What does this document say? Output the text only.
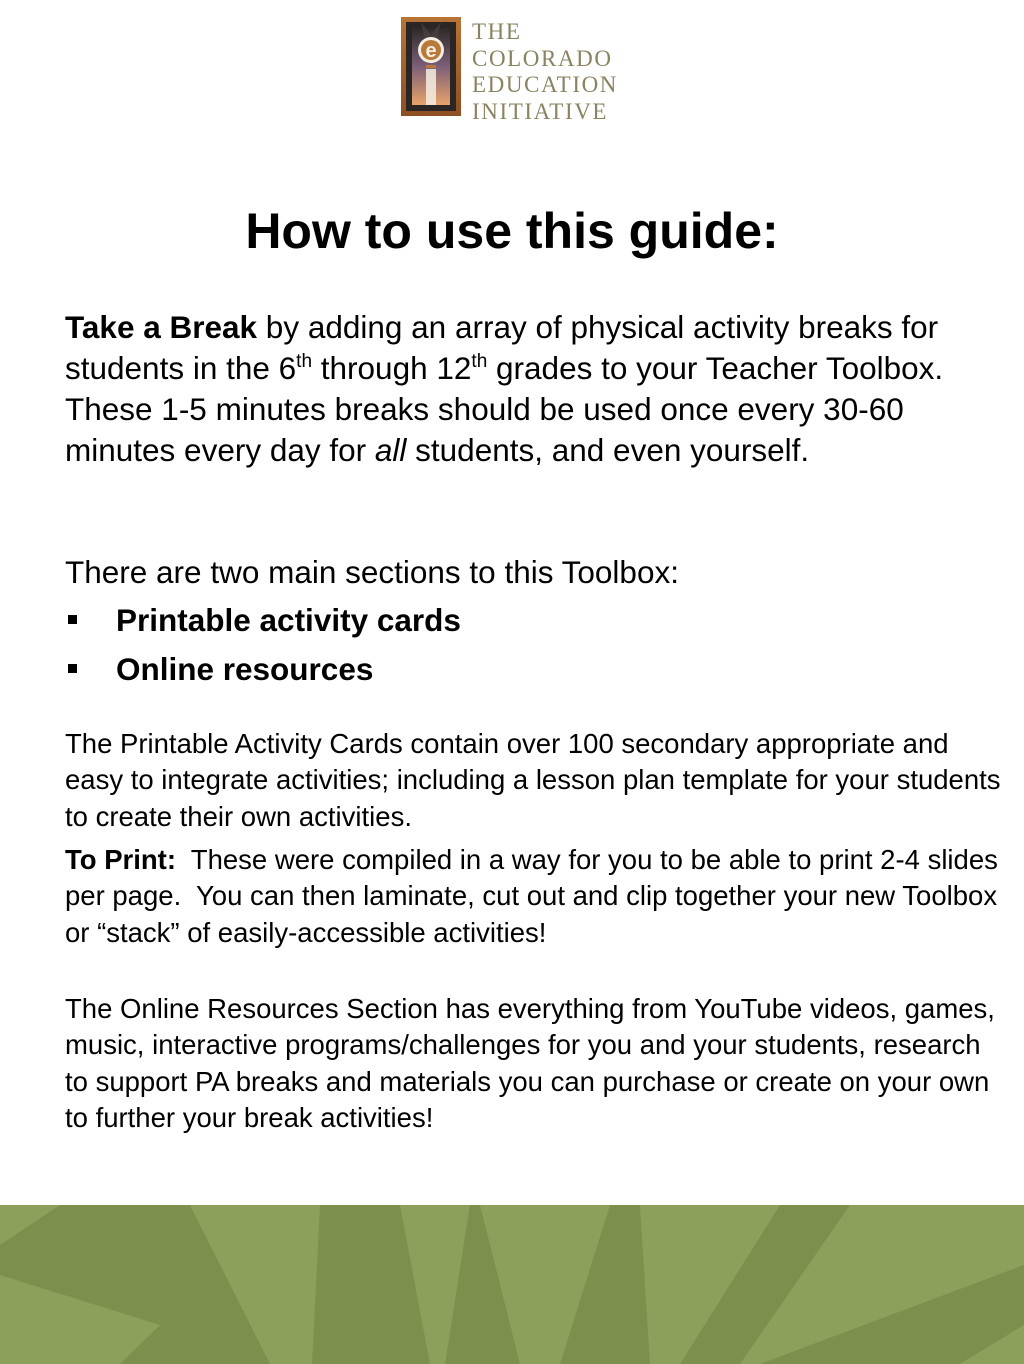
e
THE
COLORADO
EDUCATION
INITIATIVE
How to use this guide:

Take a Break by adding an array of physical activity breaks for students in the 6th through 12th grades to your Teacher Toolbox. These 1-5 minutes breaks should be used once every 30-60 minutes every day for all students, and even yourself.

There are two main sections to this Toolbox:

Printable activity cards
Online resources

The Printable Activity Cards contain over 100 secondary appropriate and easy to integrate activities; including a lesson plan template for your students to create their own activities.

To Print:  These were compiled in a way for you to be able to print 2-4 slides per page.  You can then laminate, cut out and clip together your new Toolbox or “stack” of easily-accessible activities!

The Online Resources Section has everything from YouTube videos, games, music, interactive programs/challenges for you and your students, research to support PA breaks and materials you can purchase or create on your own to further your break activities!
